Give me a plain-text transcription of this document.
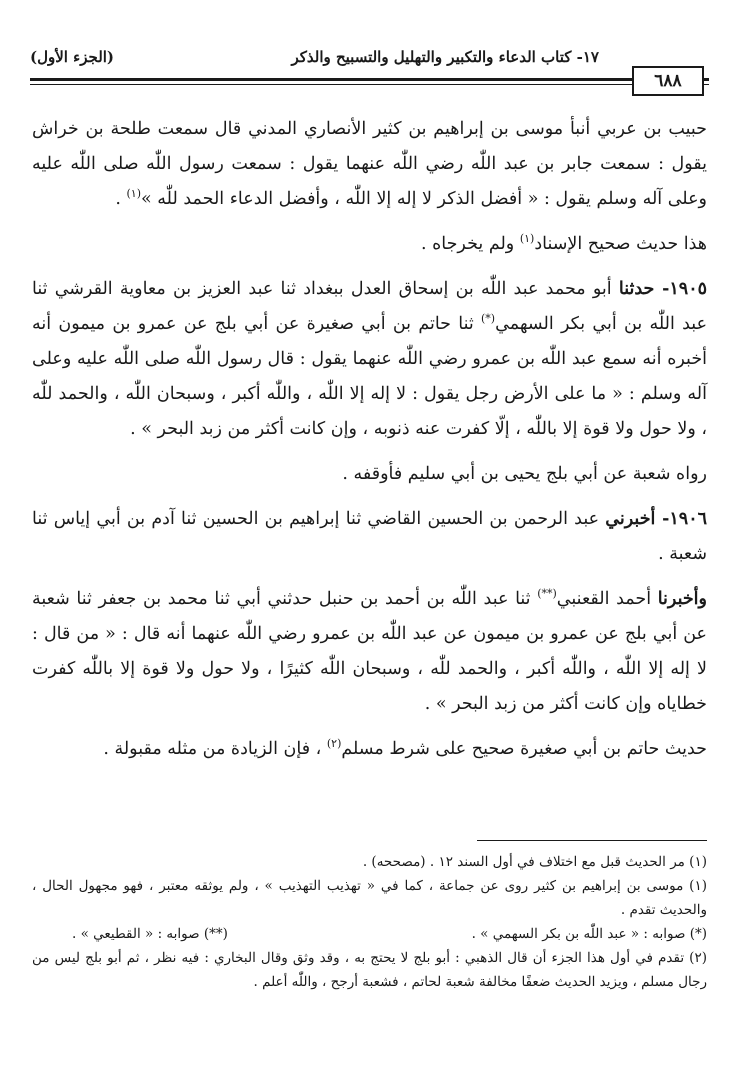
١٧- كتاب الدعاء والتكبير والتهليل والتسبيح والذكر
(الجزء الأول)
٦٨٨

حبيب بن عربي أنبأ موسى بن إبراهيم بن كثير الأنصاري المدني قال سمعت طلحة بن خراش يقول : سمعت جابر بن عبد اللّٰه رضي اللّٰه عنهما يقول : سمعت رسول اللّٰه صلى اللّٰه عليه وعلى آله وسلم يقول : « أفضل الذكر لا إله إلا اللّٰه ، وأفضل الدعاء الحمد للّٰه »$^{(١)}$ .

هذا حديث صحيح الإسناد$^{(١)}$ ولم يخرجاه .

١٩٠٥- حدثنا أبو محمد عبد اللّٰه بن إسحاق العدل ببغداد ثنا عبد العزيز بن معاوية القرشي ثنا عبد اللّٰه بن أبي بكر السهمي(*) ثنا حاتم بن أبي صغيرة عن أبي بلج عن عمرو بن ميمون أنه أخبره أنه سمع عبد اللّٰه بن عمرو رضي اللّٰه عنهما يقول : قال رسول اللّٰه صلى اللّٰه عليه وعلى آله وسلم : « ما على الأرض رجل يقول : لا إله إلا اللّٰه ، واللّٰه أكبر ، وسبحان اللّٰه ، والحمد للّٰه ، ولا حول ولا قوة إلا باللّٰه ، إلّا كفرت عنه ذنوبه ، وإن كانت أكثر من زبد البحر » .

رواه شعبة عن أبي بلج يحيى بن أبي سليم فأوقفه .

١٩٠٦- أخبرني عبد الرحمن بن الحسين القاضي ثنا إبراهيم بن الحسين ثنا آدم بن أبي إياس ثنا شعبة .

وأخبرنا أحمد القعنبي(**) ثنا عبد اللّٰه بن أحمد بن حنبل حدثني أبي ثنا محمد بن جعفر ثنا شعبة عن أبي بلج عن عمرو بن ميمون عن عبد اللّٰه بن عمرو رضي اللّٰه عنهما أنه قال : « من قال : لا إله إلا اللّٰه ، واللّٰه أكبر ، والحمد للّٰه ، وسبحان اللّٰه كثيرًا ، ولا حول ولا قوة إلا باللّٰه كفرت خطاياه وإن كانت أكثر من زبد البحر » .

حديث حاتم بن أبي صغيرة صحيح على شرط مسلم$^{(٢)}$ ، فإن الزيادة من مثله مقبولة .

(١) مر الحديث قبل مع اختلاف في أول السند ١٢ . (مصححه) .

(١) موسى بن إبراهيم بن كثير روى عن جماعة ، كما في « تهذيب التهذيب » ، ولم يوثقه معتبر ، فهو مجهول الحال ، والحديث تقدم .

(*) صوابه : « عبد اللّٰه بن بكر السهمي » .
(**) صوابه : « القطيعي » .

(٢) تقدم في أول هذا الجزء أن قال الذهبي : أبو بلج لا يحتج به ، وقد وثق وقال البخاري : فيه نظر ، ثم أبو بلج ليس من رجال مسلم ، ويزيد الحديث ضعفًا مخالفة شعبة لحاتم ، فشعبة أرجح ، واللّٰه أعلم .
